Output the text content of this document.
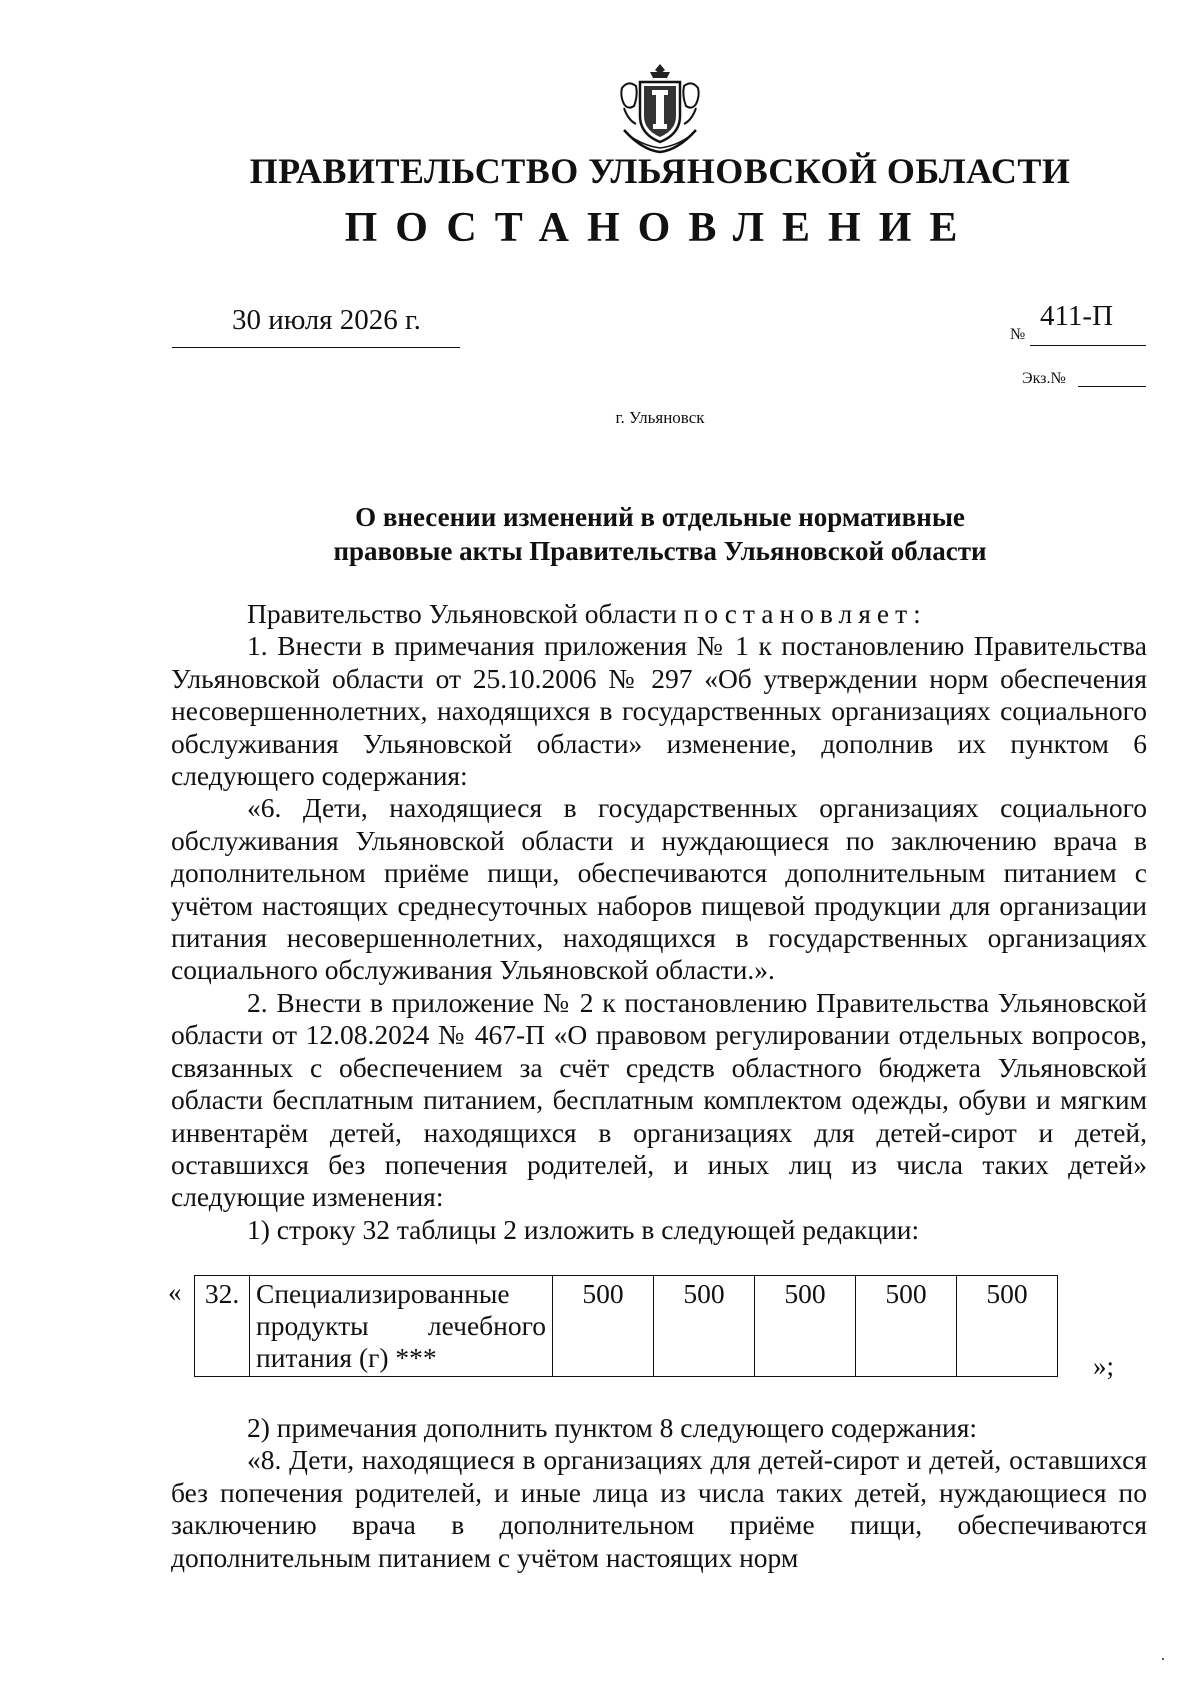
ПРАВИТЕЛЬСТВО УЛЬЯНОВСКОЙ ОБЛАСТИ
ПОСТАНОВЛЕНИЕ
30 июля 2026 г.	№
411-П
Экз.№
г. Ульяновск
О внесении изменений в отдельные нормативные
правовые акты Правительства Ульяновской области

Правительство Ульяновской области постановляет:

1. Внести в примечания приложения № 1 к постановлению Правительства Ульяновской области от 25.10.2006 № 297 «Об утверждении норм обеспечения несовершеннолетних, находящихся в государственных организациях социального обслуживания Ульяновской области» изменение, дополнив их пунктом 6 следующего содержания:

«6. Дети, находящиеся в государственных организациях социального обслуживания Ульяновской области и нуждающиеся по заключению врача в дополнительном приёме пищи, обеспечиваются дополнительным питанием с учётом настоящих среднесуточных наборов пищевой продукции для организации питания несовершеннолетних, находящихся в государственных организациях социального обслуживания Ульяновской области.».

2. Внести в приложение № 2 к постановлению Правительства Ульяновской области от 12.08.2024 № 467-П «О правовом регулировании отдельных вопросов, связанных с обеспечением за счёт средств областного бюджета Ульяновской области бесплатным питанием, бесплатным комплектом одежды, обуви и мягким инвентарём детей, находящихся в организациях для детей-сирот и детей, оставшихся без попечения родителей, и иных лиц из числа таких детей» следующие изменения:

1) строку 32 таблицы 2 изложить в следующей редакции:

« 32.	Специализированные
продукты лечебного
питания (г) ***
	500	500	500	500	500
»;

2) примечания дополнить пунктом 8 следующего содержания:

«8. Дети, находящиеся в организациях для детей-сирот и детей, оставшихся без попечения родителей, и иные лица из числа таких детей, нуждающиеся по заключению врача в дополнительном приёме пищи, обеспечиваются дополнительным питанием с учётом настоящих норм
